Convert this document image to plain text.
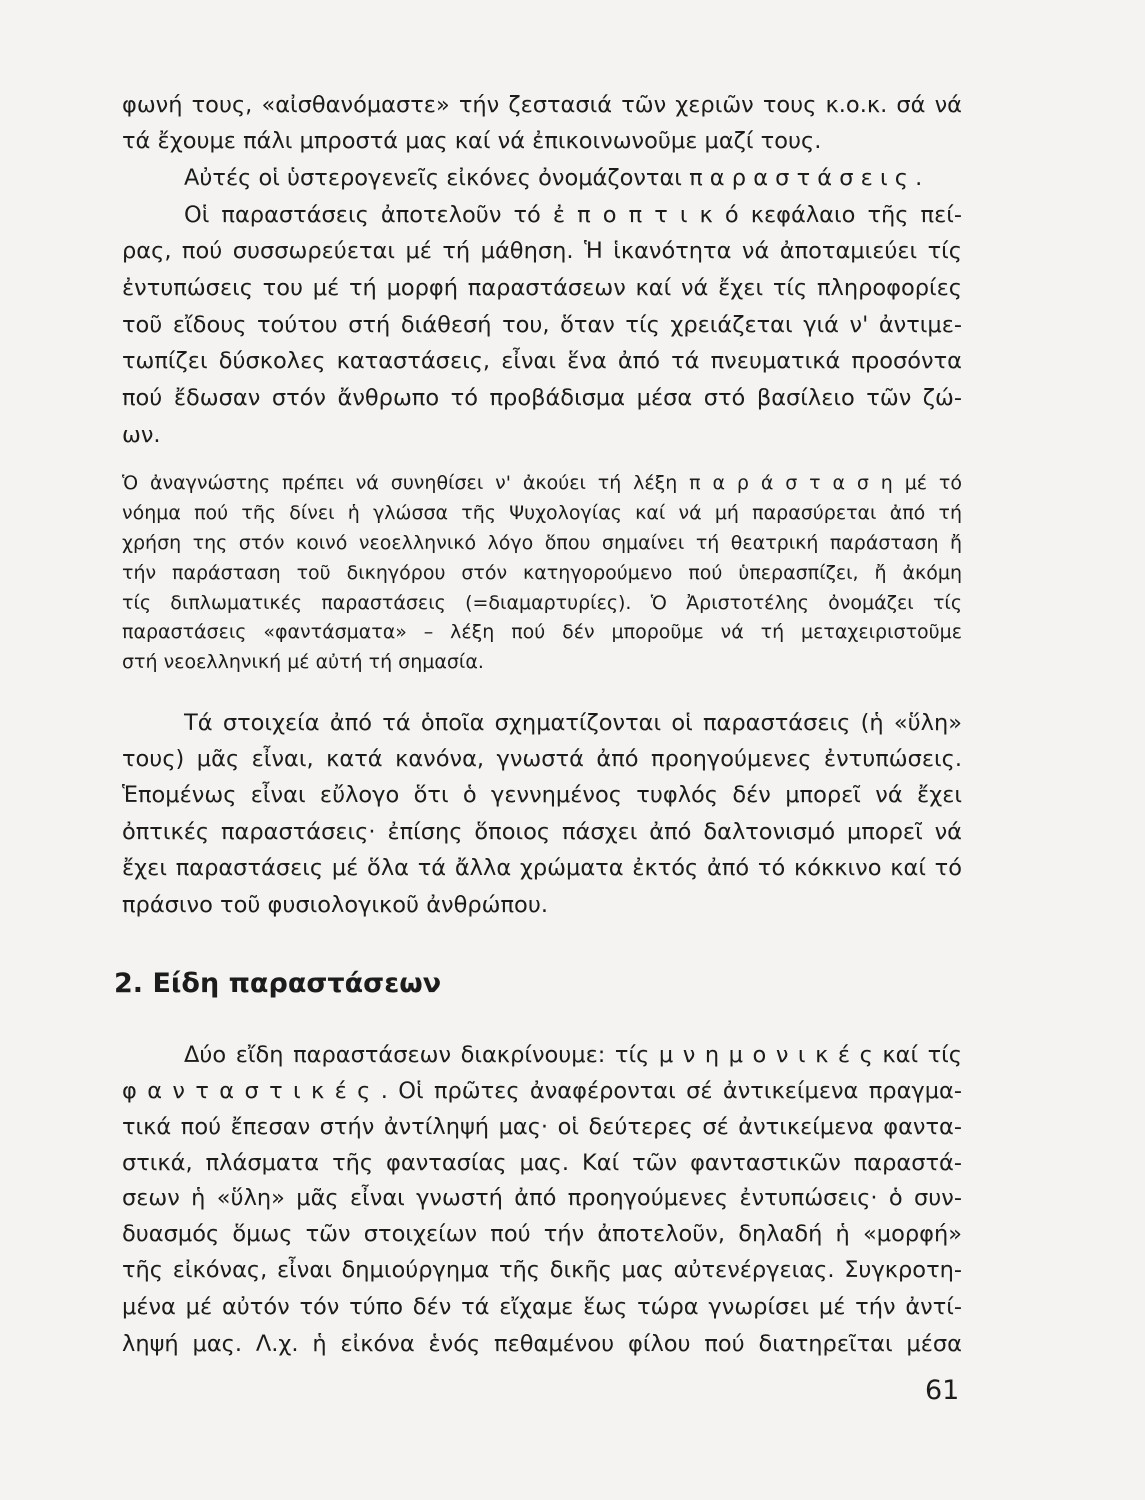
φωνή τους, «αἰσθανόμαστε» τήν ζεστασιά τῶν χεριῶν τους κ.ο.κ. σά νά
τά ἔχουμε πάλι μπροστά μας καί νά ἐπικοινωνοῦμε μαζί τους.
Αὐτές οἱ ὑστερογενεῖς εἰκόνες ὀνομάζονται π α ρ α σ τ ά σ ε ι ς .
Οἱ παραστάσεις ἀποτελοῦν τό ἐ π ο π τ ι κ ό κεφάλαιο τῆς πεί-
ρας, πού συσσωρεύεται μέ τή μάθηση. Ἡ ἱκανότητα νά ἀποταμιεύει τίς
ἐντυπώσεις του μέ τή μορφή παραστάσεων καί νά ἔχει τίς πληροφορίες
τοῦ εἴδους τούτου στή διάθεσή του, ὅταν τίς χρειάζεται γιά ν' ἀντιμε-
τωπίζει δύσκολες καταστάσεις, εἶναι ἕνα ἀπό τά πνευματικά προσόντα
πού ἔδωσαν στόν ἄνθρωπο τό προβάδισμα μέσα στό βασίλειο τῶν ζώ-
ων.
Ὁ ἀναγνώστης πρέπει νά συνηθίσει ν' ἀκούει τή λέξη π α ρ ά σ τ α σ η μέ τό
νόημα πού τῆς δίνει ἡ γλώσσα τῆς Ψυχολογίας καί νά μή παρασύρεται ἀπό τή
χρήση της στόν κοινό νεοελληνικό λόγο ὅπου σημαίνει τή θεατρική παράσταση ἤ
τήν παράσταση τοῦ δικηγόρου στόν κατηγορούμενο πού ὑπερασπίζει, ἤ ἀκόμη
τίς διπλωματικές παραστάσεις (=διαμαρτυρίες). Ὁ Ἀριστοτέλης ὀνομάζει τίς
παραστάσεις «φαντάσματα» – λέξη πού δέν μποροῦμε νά τή μεταχειριστοῦμε
στή νεοελληνική μέ αὐτή τή σημασία.
Τά στοιχεία ἀπό τά ὁποῖα σχηματίζονται οἱ παραστάσεις (ἡ «ὕλη»
τους) μᾶς εἶναι, κατά κανόνα, γνωστά ἀπό προηγούμενες ἐντυπώσεις.
Ἑπομένως εἶναι εὔλογο ὅτι ὁ γεννημένος τυφλός δέν μπορεῖ νά ἔχει
ὀπτικές παραστάσεις· ἐπίσης ὅποιος πάσχει ἀπό δαλτονισμό μπορεῖ νά
ἔχει παραστάσεις μέ ὅλα τά ἄλλα χρώματα ἐκτός ἀπό τό κόκκινο καί τό
πράσινο τοῦ φυσιολογικοῦ ἀνθρώπου.
2. Είδη παραστάσεων
Δύο εἴδη παραστάσεων διακρίνουμε: τίς μ ν η μ ο ν ι κ έ ς καί τίς
φ α ν τ α σ τ ι κ έ ς . Οἱ πρῶτες ἀναφέρονται σέ ἀντικείμενα πραγμα-
τικά πού ἔπεσαν στήν ἀντίληψή μας· οἱ δεύτερες σέ ἀντικείμενα φαντα-
στικά, πλάσματα τῆς φαντασίας μας. Καί τῶν φανταστικῶν παραστά-
σεων ἡ «ὕλη» μᾶς εἶναι γνωστή ἀπό προηγούμενες ἐντυπώσεις· ὁ συν-
δυασμός ὅμως τῶν στοιχείων πού τήν ἀποτελοῦν, δηλαδή ἡ «μορφή»
τῆς εἰκόνας, εἶναι δημιούργημα τῆς δικῆς μας αὐτενέργειας. Συγκροτη-
μένα μέ αὐτόν τόν τύπο δέν τά εἴχαμε ἕως τώρα γνωρίσει μέ τήν ἀντί-
ληψή μας. Λ.χ. ἡ εἰκόνα ἑνός πεθαμένου φίλου πού διατηρεῖται μέσα
61
